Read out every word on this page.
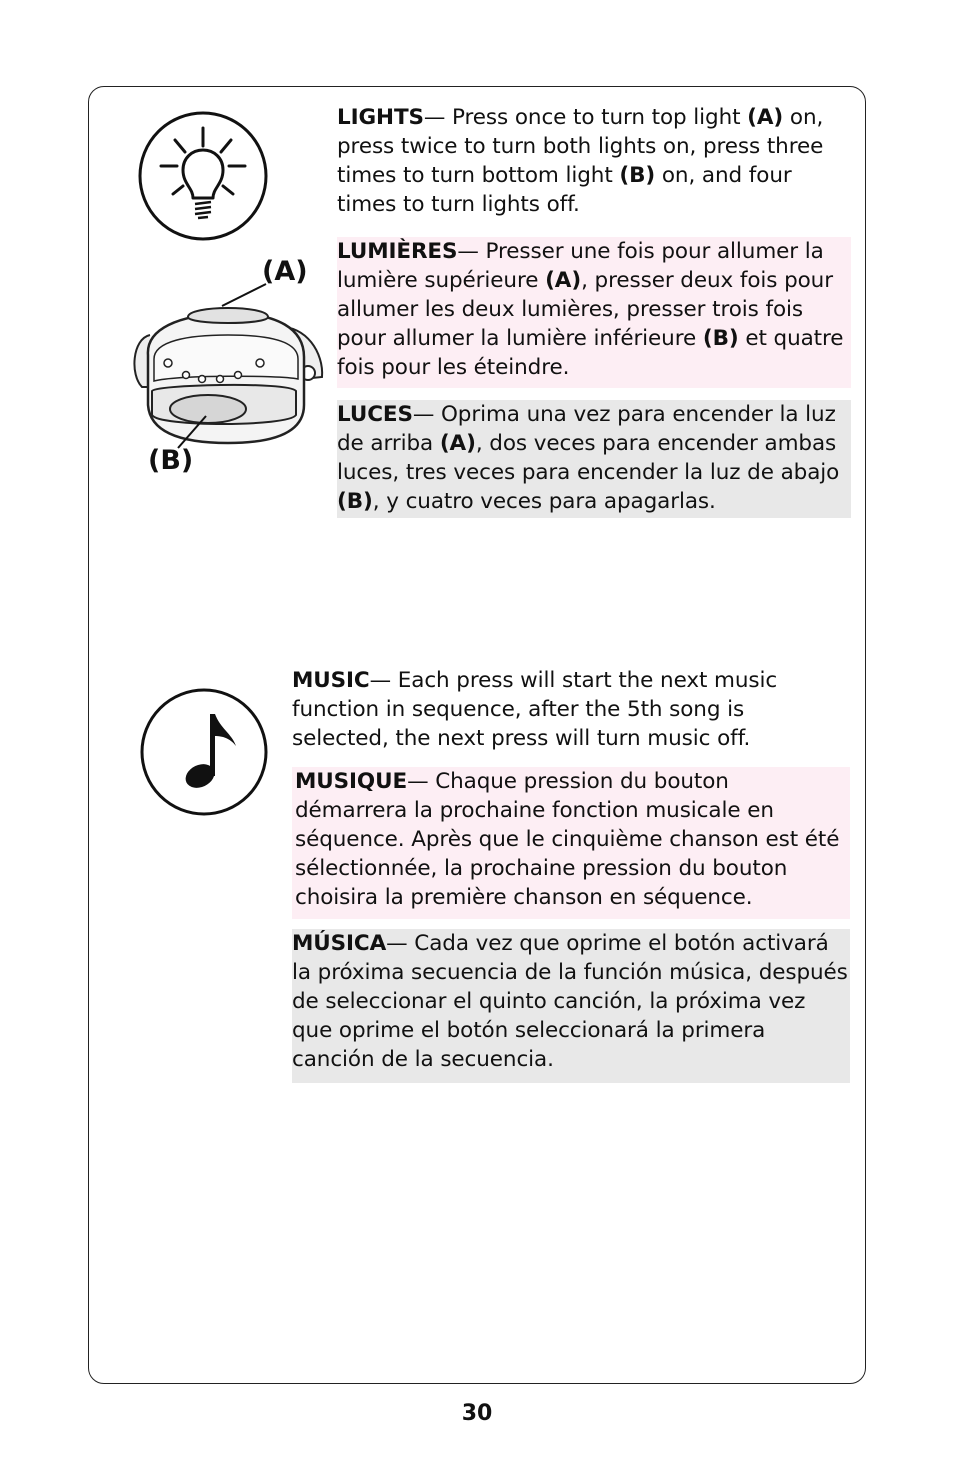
(A)
(B)
LIGHTS— Press once to turn top light (A) on, press twice to turn both lights on, press three times to turn bottom light (B) on, and four times to turn lights off.
LUMIÈRES— Presser une fois pour allumer la lumière supérieure (A), presser deux fois pour allumer les deux lumières, presser trois fois pour allumer la lumière inférieure (B) et quatre fois pour les éteindre.
LUCES— Oprima una vez para encender la luz de arriba (A), dos veces para encender ambas luces, tres veces para encender la luz de abajo (B), y cuatro veces para apagarlas.
MUSIC— Each press will start the next music function in sequence, after the 5th song is selected, the next press will turn music off.
MUSIQUE— Chaque pression du bouton démarrera la prochaine fonction musicale en séquence. Après que le cinquième chanson est été sélectionnée, la prochaine pression du bouton choisira la première chanson en séquence.
MÚSICA— Cada vez que oprime el botón activará la próxima secuencia de la función música, después de seleccionar el quinto canción, la próxima vez que oprime el botón seleccionará la primera canción de la secuencia.
30
